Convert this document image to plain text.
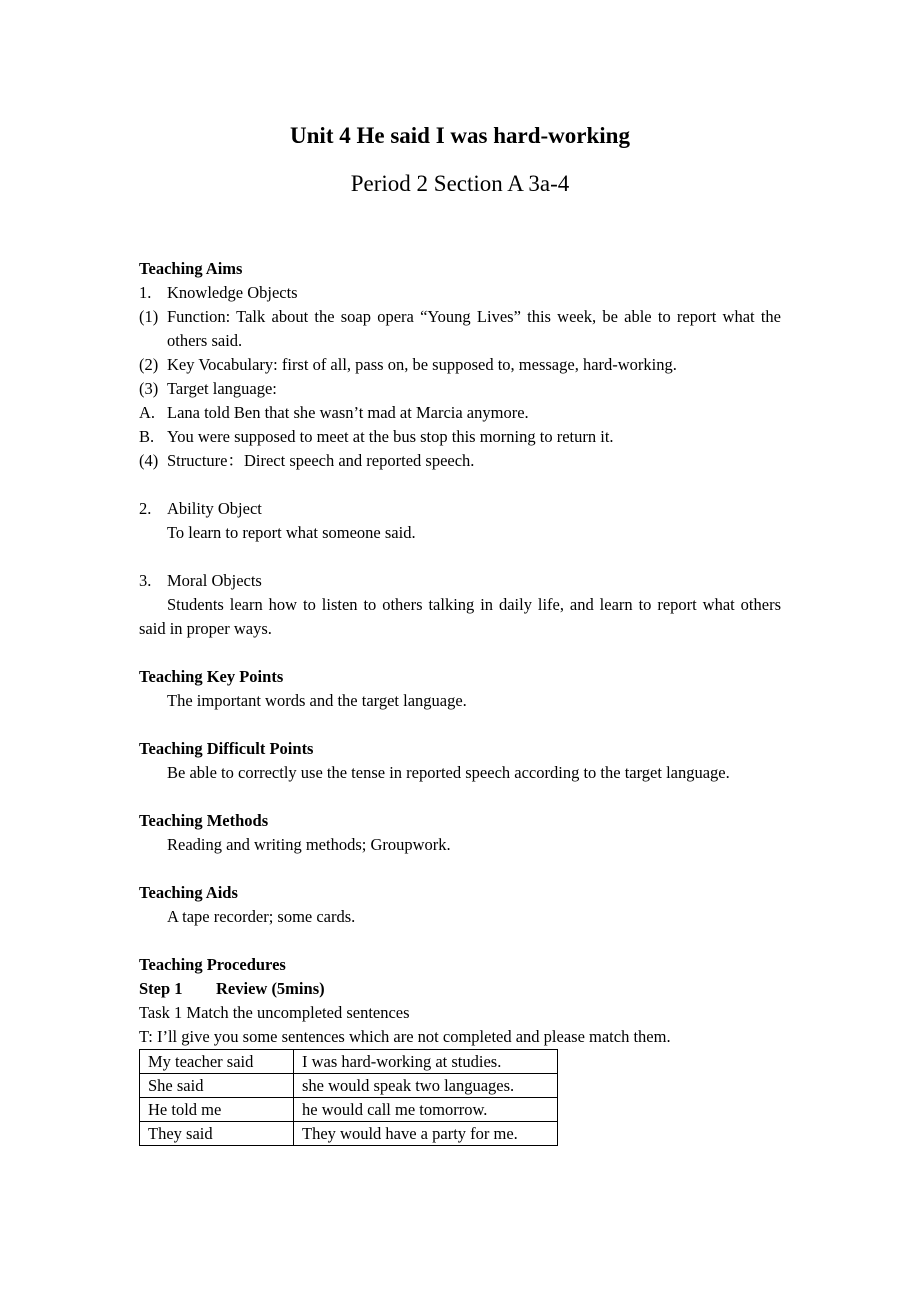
Unit 4 He said I was hard-working
Period 2 Section A 3a-4
Teaching Aims
1. Knowledge Objects
(1) Function: Talk about the soap opera “Young Lives” this week, be able to report what the others said.
(2) Key Vocabulary: first of all, pass on, be supposed to, message, hard-working.
(3) Target language:
A. Lana told Ben that she wasn’t mad at Marcia anymore.
B. You were supposed to meet at the bus stop this morning to return it.
(4) Structure：Direct speech and reported speech.
2. Ability Object
To learn to report what someone said.
3. Moral Objects
Students learn how to listen to others talking in daily life, and learn to report what others said in proper ways.
Teaching Key Points
The important words and the target language.
Teaching Difficult Points
Be able to correctly use the tense in reported speech according to the target language.
Teaching Methods
Reading and writing methods; Groupwork.
Teaching Aids
A tape recorder; some cards.
Teaching Procedures
Step 1 Review (5mins)
Task 1 Match the uncompleted sentences
T: I’ll give you some sentences which are not completed and please match them.
My teacher said	I was hard-working at studies.
She said	she would speak two languages.
He told me	he would call me tomorrow.
They said	They would have a party for me.
